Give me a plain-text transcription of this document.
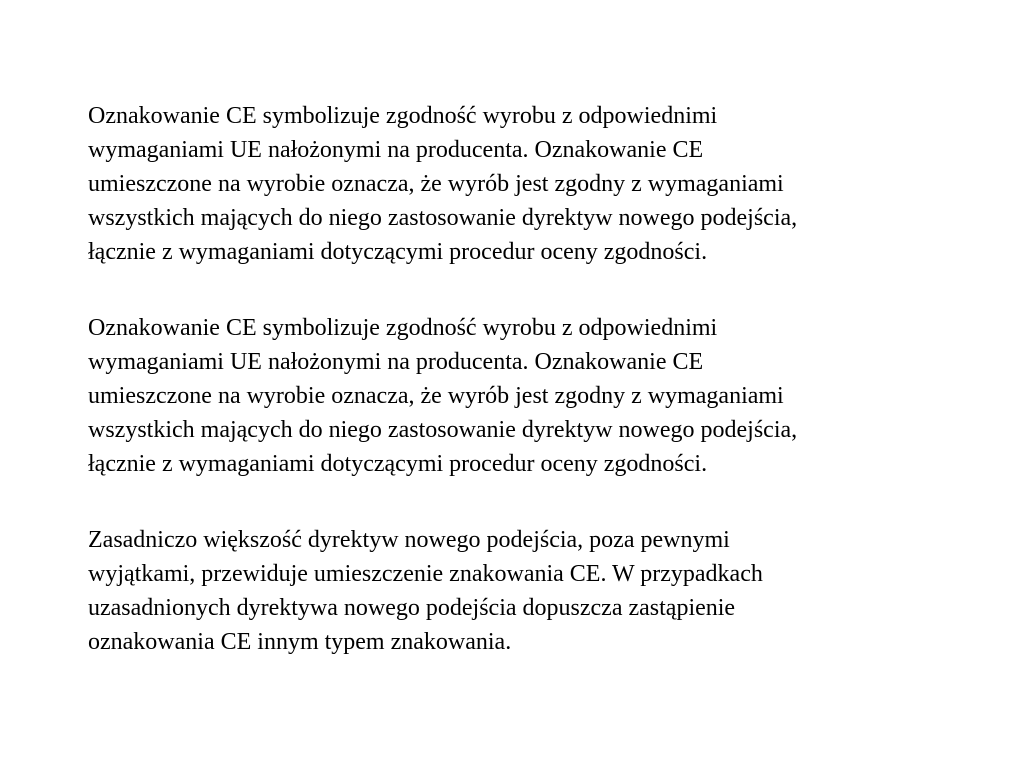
Oznakowanie CE symbolizuje zgodność wyrobu z odpowiednimi
wymaganiami UE nałożonymi na producenta. Oznakowanie CE
umieszczone na wyrobie oznacza, że wyrób jest zgodny z wymaganiami
wszystkich mających do niego zastosowanie dyrektyw nowego podejścia,
łącznie z wymaganiami dotyczącymi procedur oceny zgodności.

Oznakowanie CE symbolizuje zgodność wyrobu z odpowiednimi
wymaganiami UE nałożonymi na producenta. Oznakowanie CE
umieszczone na wyrobie oznacza, że wyrób jest zgodny z wymaganiami
wszystkich mających do niego zastosowanie dyrektyw nowego podejścia,
łącznie z wymaganiami dotyczącymi procedur oceny zgodności.

Zasadniczo większość dyrektyw nowego podejścia, poza pewnymi
wyjątkami, przewiduje umieszczenie znakowania CE. W przypadkach
uzasadnionych dyrektywa nowego podejścia dopuszcza zastąpienie
oznakowania CE innym typem znakowania.
